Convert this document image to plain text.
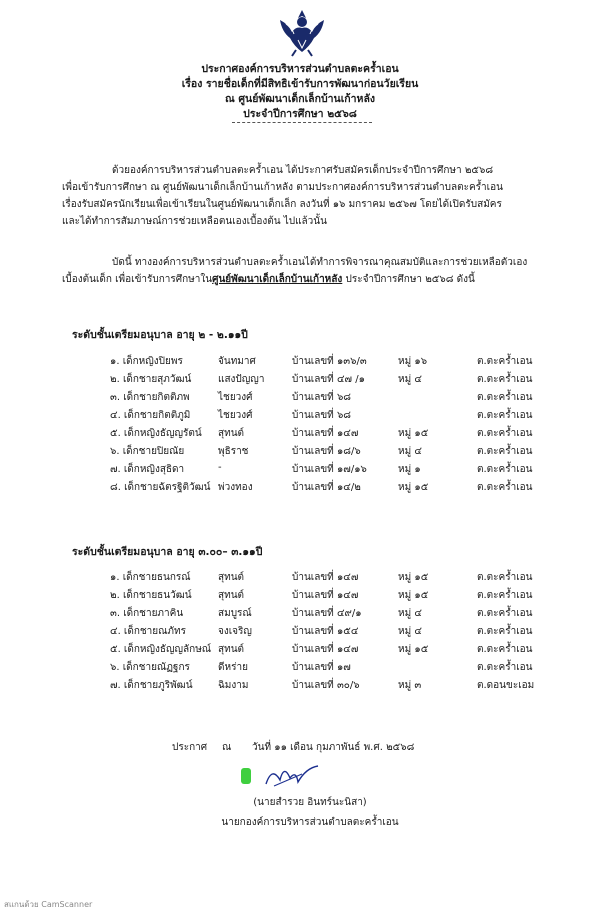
ประกาศองค์การบริหารส่วนตำบลตะคร้ำเอน
เรื่อง รายชื่อเด็กที่มีสิทธิเข้ารับการพัฒนาก่อนวัยเรียน
ณ ศูนย์พัฒนาเด็กเล็กบ้านเก้าหลัง
ประจำปีการศึกษา ๒๕๖๘
ด้วยองค์การบริหารส่วนตำบลตะคร้ำเอน ได้ประกาศรับสมัครเด็กประจำปีการศึกษา ๒๕๖๘
เพื่อเข้ารับการศึกษา ณ ศูนย์พัฒนาเด็กเล็กบ้านเก้าหลัง ตามประกาศองค์การบริหารส่วนตำบลตะคร้ำเอน
เรื่องรับสมัครนักเรียนเพื่อเข้าเรียนในศูนย์พัฒนาเด็กเล็ก ลงวันที่ ๑๖ มกราคม ๒๕๖๗ โดยได้เปิดรับสมัคร
และได้ทำการสัมภาษณ์การช่วยเหลือตนเองเบื้องต้น ไปแล้วนั้น
บัดนี้ ทางองค์การบริหารส่วนตำบลตะคร้ำเอนได้ทำการพิจารณาคุณสมบัติและการช่วยเหลือตัวเอง
เบื้องต้นเด็ก เพื่อเข้ารับการศึกษาในศูนย์พัฒนาเด็กเล็กบ้านเก้าหลัง ประจำปีการศึกษา ๒๕๖๘ ดังนี้
ระดับชั้นเตรียมอนุบาล อายุ ๒ - ๒.๑๑ปี
๑. เด็กหญิงปิยพร	จันทมาศ	บ้านเลขที่ ๑๓๖/๓	หมู่ ๑๖	ต.ตะคร้ำเอน
๒. เด็กชายสุภวัฒน์	แสงปัญญา	บ้านเลขที่ ๔๗ /๑	หมู่ ๔	ต.ตะคร้ำเอน
๓. เด็กชายกิตติภพ	ไชยวงศ์	บ้านเลขที่ ๖๘	ต.ตะคร้ำเอน
๔. เด็กชายกิตติภูมิ	ไชยวงศ์	บ้านเลขที่ ๖๘	ต.ตะคร้ำเอน
๕. เด็กหญิงธัญญรัตน์ สุทนต์	บ้านเลขที่ ๑๔๗	หมู่ ๑๕	ต.ตะคร้ำเอน
๖. เด็กชายปิยณัย	พุธิราช	บ้านเลขที่ ๑๘/๖	หมู่ ๔	ต.ตะคร้ำเอน
๗. เด็กหญิงสุธิดา	-	บ้านเลขที่ ๑๗/๑๖	หมู่ ๑	ต.ตะคร้ำเอน
๘. เด็กชายฉัตรฐิติวัฒน์ พ่วงทอง	บ้านเลขที่ ๑๔/๒	หมู่ ๑๕	ต.ตะคร้ำเอน
ระดับชั้นเตรียมอนุบาล อายุ ๓.๐๐– ๓.๑๑ปี
๑. เด็กชายธนกรณ์	สุทนต์	บ้านเลขที่ ๑๔๗	หมู่ ๑๕	ต.ตะคร้ำเอน
๒. เด็กชายธนวัฒน์	สุทนต์	บ้านเลขที่ ๑๔๗	หมู่ ๑๕	ต.ตะคร้ำเอน
๓. เด็กชายภาคิน	สมบูรณ์	บ้านเลขที่ ๔๙/๑	หมู่ ๔	ต.ตะคร้ำเอน
๔. เด็กชายณภัทร	จงเจริญ	บ้านเลขที่ ๑๕๔	หมู่ ๔	ต.ตะคร้ำเอน
๕. เด็กหญิงธัญญลักษณ์ สุทนต์	บ้านเลขที่ ๑๔๗	หมู่ ๑๕	ต.ตะคร้ำเอน
๖. เด็กชายณัฏฐกร	ดีหร่าย	บ้านเลขที่ ๑๗	ต.ตะคร้ำเอน
๗. เด็กชายภูริพัฒน์	ฉิมงาม	บ้านเลขที่ ๓๐/๖	หมู่ ๓	ต.ดอนขะเอม
ประกาศ ณ วันที่ ๑๑ เดือน กุมภาพันธ์ พ.ศ. ๒๕๖๘
(นายสำรวย อินทร์นะนิสา)
นายกองค์การบริหารส่วนตำบลตะคร้ำเอน
สแกนด้วย CamScanner
